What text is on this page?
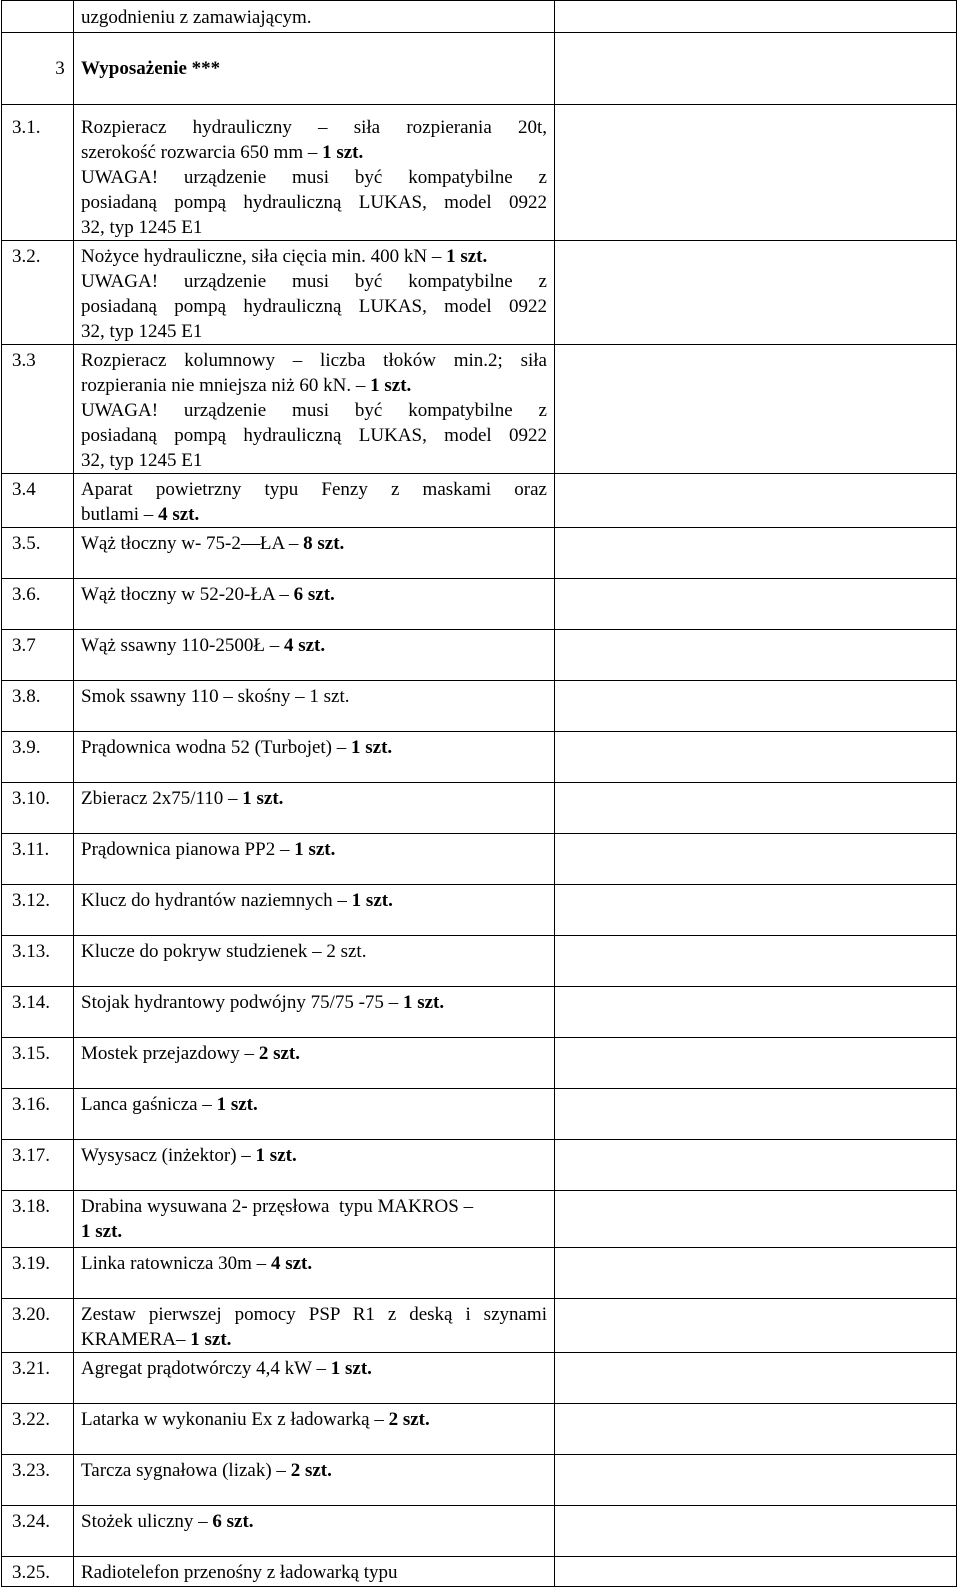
	uzgodnieniu z zamawiającym.	
3	Wyposażenie ***	
3.1.	Rozpieracz hydrauliczny – siła rozpierania 20t,
szerokość rozwarcia 650 mm – 1 szt.
UWAGA! urządzenie musi być kompatybilne z
posiadaną pompą hydrauliczną LUKAS, model 0922
32, typ 1245 E1	

3.2.	Nożyce hydrauliczne, siła cięcia min. 400 kN – 1 szt.
UWAGA! urządzenie musi być kompatybilne z
posiadaną pompą hydrauliczną LUKAS, model 0922
32, typ 1245 E1	

3.3	Rozpieracz kolumnowy – liczba tłoków min.2; siła
rozpierania nie mniejsza niż 60 kN. – 1 szt.
UWAGA! urządzenie musi być kompatybilne z
posiadaną pompą hydrauliczną LUKAS, model 0922
32, typ 1245 E1	

3.4	Aparat powietrzny typu Fenzy z maskami oraz
butlami – 4 szt.	

3.5.	Wąż tłoczny w- 75-2—ŁA – 8 szt.	
3.6.	Wąż tłoczny w 52-20-ŁA – 6 szt.	
3.7	Wąż ssawny 110-2500Ł – 4 szt.	
3.8.	Smok ssawny 110 – skośny – 1 szt.	
3.9.	Prądownica wodna 52 (Turbojet) – 1 szt.	
3.10.	Zbieracz 2x75/110 – 1 szt.	
3.11.	Prądownica pianowa PP2 – 1 szt.	
3.12.	Klucz do hydrantów naziemnych – 1 szt.	
3.13.	Klucze do pokryw studzienek – 2 szt.	
3.14.	Stojak hydrantowy podwójny 75/75 -75 – 1 szt.	
3.15.	Mostek przejazdowy – 2 szt.	
3.16.	Lanca gaśnicza – 1 szt.	
3.17.	Wysysacz (inżektor) – 1 szt.	
3.18.	Drabina wysuwana 2- przęsłowa  typu MAKROS –
1 szt.	

3.19.	Linka ratownicza 30m – 4 szt.	
3.20.	Zestaw pierwszej pomocy PSP R1 z deską i szynami
KRAMERA– 1 szt.	

3.21.	Agregat prądotwórczy 4,4 kW – 1 szt.	
3.22.	Latarka w wykonaniu Ex z ładowarką – 2 szt.	
3.23.	Tarcza sygnałowa (lizak) – 2 szt.	
3.24.	Stożek uliczny – 6 szt.	
3.25.	Radiotelefon przenośny z ładowarką typu	
